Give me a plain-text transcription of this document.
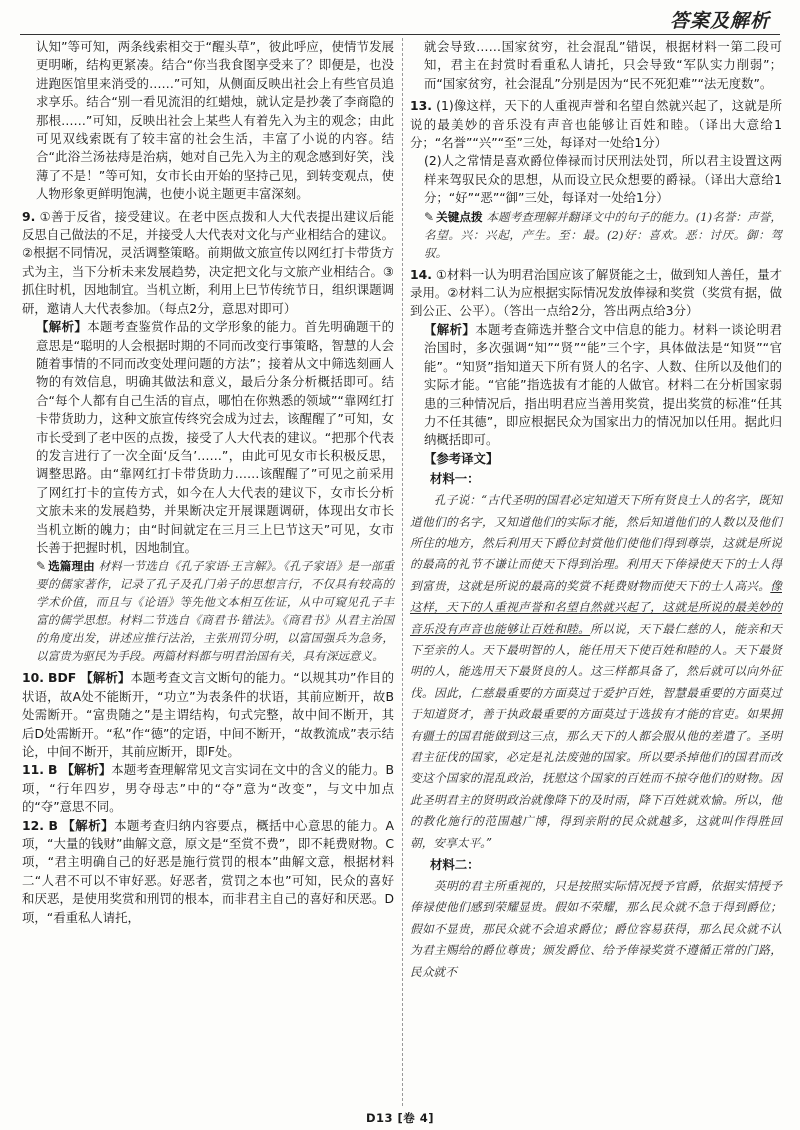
答案及解析

认知”等可知，两条线索相交于“醒头草”，彼此呼应，使情节发展更明晰，结构更紧凑。结合“你当我食图享受来了？即便是，也没进跑医馆里来消受的……”可知，从侧面反映出社会上有些官员追求享乐。结合“别一看见流泪的红蜡烛，就认定是抄袭了李商隐的那根……”可知，反映出社会上某些人有着先入为主的观念；由此可见双线索既有了较丰富的社会生活，丰富了小说的内容。结合“此浴兰汤祛痔是治病，她对自己先入为主的观念感到好笑，浅薄了不是！”等可知，女市长由开始的坚持己见，到转变观点，使人物形象更鲜明饱满，也使小说主题更丰富深刻。

9. ①善于反省，接受建议。在老中医点拨和人大代表提出建议后能反思自己做法的不足，并接受人大代表对文化与产业相结合的建议。②根据不同情况，灵活调整策略。前期做文旅宣传以网红打卡带货方式为主，当下分析未来发展趋势，决定把文化与文旅产业相结合。③抓住时机，因地制宜。当机立断，利用上巳节传统节日，组织课题调研，邀请人大代表参加。（每点2分，意思对即可）

【解析】本题考查鉴赏作品的文学形象的能力。首先明确题干的意思是“聪明的人会根据时期的不同而改变行事策略，智慧的人会随着事情的不同而改变处理问题的方法”；接着从文中筛选刻画人物的有效信息，明确其做法和意义，最后分条分析概括即可。结合“每个人都有自己生活的盲点，哪怕在你熟悉的领域”“靠网红打卡带货助力，这种文旅宣传终究会成为过去，该醒醒了”可知，女市长受到了老中医的点拨，接受了人大代表的建议。“把那个代表的发言进行了一次全面‘反刍’……”，由此可见女市长积极反思，调整思路。由“靠网红打卡带货助力……该醒醒了”可见之前采用了网红打卡的宣传方式，如今在人大代表的建议下，女市长分析文旅未来的发展趋势，并果断决定开展课题调研，体现出女市长当机立断的魄力；由“时间就定在三月三上巳节这天”可见，女市长善于把握时机，因地制宜。

✎ 选篇理由 材料一节选自《孔子家语·王言解》。《孔子家语》是一部重要的儒家著作，记录了孔子及孔门弟子的思想言行，不仅具有较高的学术价值，而且与《论语》等先他文本相互佐证，从中可窥见孔子丰富的儒学思想。材料二节选自《商君书·错法》。《商君书》从君主治国的角度出发，讲述应推行法治，主张刑罚分明，以富国强兵为急务，以富贵为驱民为手段。两篇材料都与明君治国有关，具有深远意义。

10. BDF 【解析】本题考查文言文断句的能力。“以规其功”作目的状语，故A处不能断开，“功立”为表条件的状语，其前应断开，故B处需断开。“富贵随之”是主谓结构，句式完整，故中间不断开，其后D处需断开。“私”作“德”的定语，中间不断开，“故教流成”表示结论，中间不断开，其前应断开，即F处。

11. B 【解析】本题考查理解常见文言实词在文中的含义的能力。B项，“行年四岁，男夺母志”中的“夺”意为“改变”，与文中加点的“夺”意思不同。

12. B 【解析】本题考查归纳内容要点，概括中心意思的能力。A项，“大量的钱财”曲解文意，原文是“至赏不费”，即不耗费财物。C项，“君主明确自己的好恶是施行赏罚的根本”曲解文意，根据材料二“人君不可以不审好恶。好恶者，赏罚之本也”可知，民众的喜好和厌恶，是使用奖赏和刑罚的根本，而非君主自己的喜好和厌恶。D项，“看重私人请托，

就会导致……国家贫穷，社会混乱”错误，根据材料一第二段可知，君主在封赏时看重私人请托，只会导致“军队实力削弱”；而“国家贫穷，社会混乱”分别是因为“民不死犯难”“法无度数”。

13. (1)像这样，天下的人重视声誉和名望自然就兴起了，这就是所说的最美妙的音乐没有声音也能够让百姓和睦。（译出大意给1分；“名誉”“兴”“至”三处，每译对一处给1分）

(2)人之常情是喜欢爵位俸禄而讨厌刑法处罚，所以君主设置这两样来驾驭民众的思想，从而设立民众想要的爵禄。（译出大意给1分；“好”“恶”“御”三处，每译对一处给1分）

✎ 关键点拨 本题考查理解并翻译文中的句子的能力。(1)名誉：声誉，名望。兴：兴起，产生。至：最。(2)好：喜欢。恶：讨厌。御：驾驭。

14. ①材料一认为明君治国应该了解贤能之士，做到知人善任，量才录用。②材料二认为应根据实际情况发放俸禄和奖赏（奖赏有据，做到公正、公平）。（答出一点给2分，答出两点给3分）

【解析】本题考查筛选并整合文中信息的能力。材料一谈论明君治国时，多次强调“知”“贤”“能”三个字，具体做法是“知贤”“官能”。“知贤”指知道天下所有贤人的名字、人数、住所以及他们的实际才能。“官能”指选拔有才能的人做官。材料二在分析国家弱患的三种情况后，指出明君应当善用奖赏，提出奖赏的标准“任其力不任其德”，即应根据民众为国家出力的情况加以任用。据此归纳概括即可。

【参考译文】

材料一：

孔子说：“古代圣明的国君必定知道天下所有贤良士人的名字，既知道他们的名字，又知道他们的实际才能，然后知道他们的人数以及他们所住的地方，然后利用天下爵位封赏他们使他们得到尊崇，这就是所说的最高的礼节不谦让而使天下得到治理。利用天下俸禄使天下的士人得到富贵，这就是所说的最高的奖赏不耗费财物而使天下的士人高兴。像这样，天下的人重视声誉和名望自然就兴起了，这就是所说的最美妙的音乐没有声音也能够让百姓和睦。所以说，天下最仁慈的人，能亲和天下至亲的人。天下最明智的人，能任用天下使百姓和睦的人。天下最贤明的人，能选用天下最贤良的人。这三样都具备了，然后就可以向外征伐。因此，仁慈最重要的方面莫过于爱护百姓，智慧最重要的方面莫过于知道贤才，善于执政最重要的方面莫过于选拔有才能的官吏。如果拥有疆土的国君能做到这三点，那么天下的人都会服从他的差遣了。圣明君主征伐的国家，必定是礼法废弛的国家。所以要杀掉他们的国君而改变这个国家的混乱政治，抚慰这个国家的百姓而不掠夺他们的财物。因此圣明君主的贤明政治就像降下的及时雨，降下百姓就欢愉。所以，他的教化施行的范围越广博，得到亲附的民众就越多，这就叫作得胜回朝，安享太平。”

材料二：

英明的君主所重视的，只是按照实际情况授予官爵，依据实情授予俸禄使他们感到荣耀显贵。假如不荣耀，那么民众就不急于得到爵位；假如不显贵，那民众就不会追求爵位；爵位容易获得，那么民众就不认为君主赐给的爵位尊贵；颁发爵位、给予俸禄奖赏不遵循正常的门路，民众就不

D13 [卷 4]
